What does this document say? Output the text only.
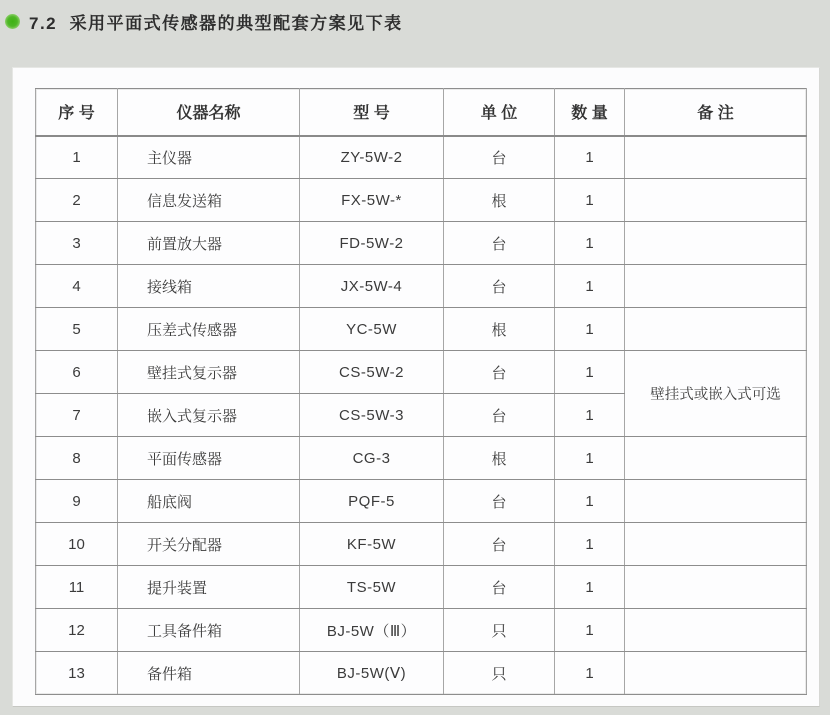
7.2  采用平面式传感器的典型配套方案见下表
序 号	仪器名称	型 号	单 位	数 量	备 注
1	主仪器	ZY-5W-2	台	1	
2	信息发送箱	FX-5W-*	根	1	
3	前置放大器	FD-5W-2	台	1	
4	接线箱	JX-5W-4	台	1	
5	压差式传感器	YC-5W	根	1	
6	壁挂式复示器	CS-5W-2	台	1	壁挂式或嵌入式可选
7	嵌入式复示器	CS-5W-3	台	1	
8	平面传感器	CG-3	根	1	
9	船底阀	PQF-5	台	1	
10	开关分配器	KF-5W	台	1	
11	提升装置	TS-5W	台	1	
12	工具备件箱	BJ-5W（Ⅲ）	只	1	
13	备件箱	BJ-5W(Ⅴ)	只	1	
